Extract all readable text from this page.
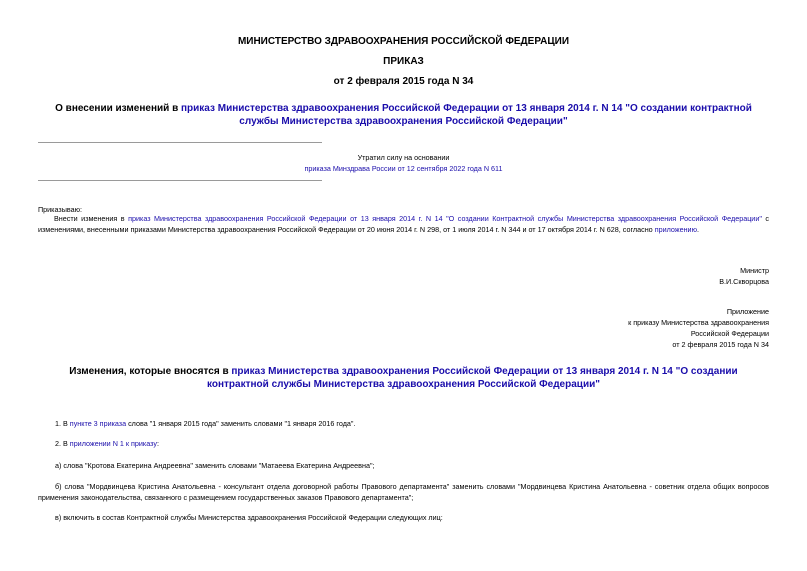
МИНИСТЕРСТВО ЗДРАВООХРАНЕНИЯ РОССИЙСКОЙ ФЕДЕРАЦИИ
ПРИКАЗ
от 2 февраля 2015 года N 34
О внесении изменений в приказ Министерства здравоохранения Российской Федерации от 13 января 2014 г. N 14 "О создании контрактной службы Министерства здравоохранения Российской Федерации"
Утратил силу на основании
приказа Минздрава России от 12 сентября 2022 года N 611
Приказываю:
Внести изменения в приказ Министерства здравоохранения Российской Федерации от 13 января 2014 г. N 14 "О создании Контрактной службы Министерства здравоохранения Российской Федерации" с изменениями, внесенными приказами Министерства здравоохранения Российской Федерации от 20 июня 2014 г. N 298, от 1 июля 2014 г. N 344 и от 17 октября 2014 г. N 628, согласно приложению.
Министр
В.И.Скворцова
Приложение
к приказу Министерства здравоохранения
Российской Федерации
от 2 февраля 2015 года N 34
Изменения, которые вносятся в приказ Министерства здравоохранения Российской Федерации от 13 января 2014 г. N 14 "О создании контрактной службы Министерства здравоохранения Российской Федерации"
1. В пункте 3 приказа слова "1 января 2015 года" заменить словами "1 января 2016 года".
2. В приложении N 1 к приказу:
а) слова "Кротова Екатерина Андреевна" заменить словами "Матаеева Екатерина Андреевна";
б) слова "Мордвинцева Кристина Анатольевна - консультант отдела договорной работы Правового департамента" заменить словами "Мордвинцева Кристина Анатольевна - советник отдела общих вопросов применения законодательства, связанного с размещением государственных заказов Правового департамента";
в) включить в состав Контрактной службы Министерства здравоохранения Российской Федерации следующих лиц:
